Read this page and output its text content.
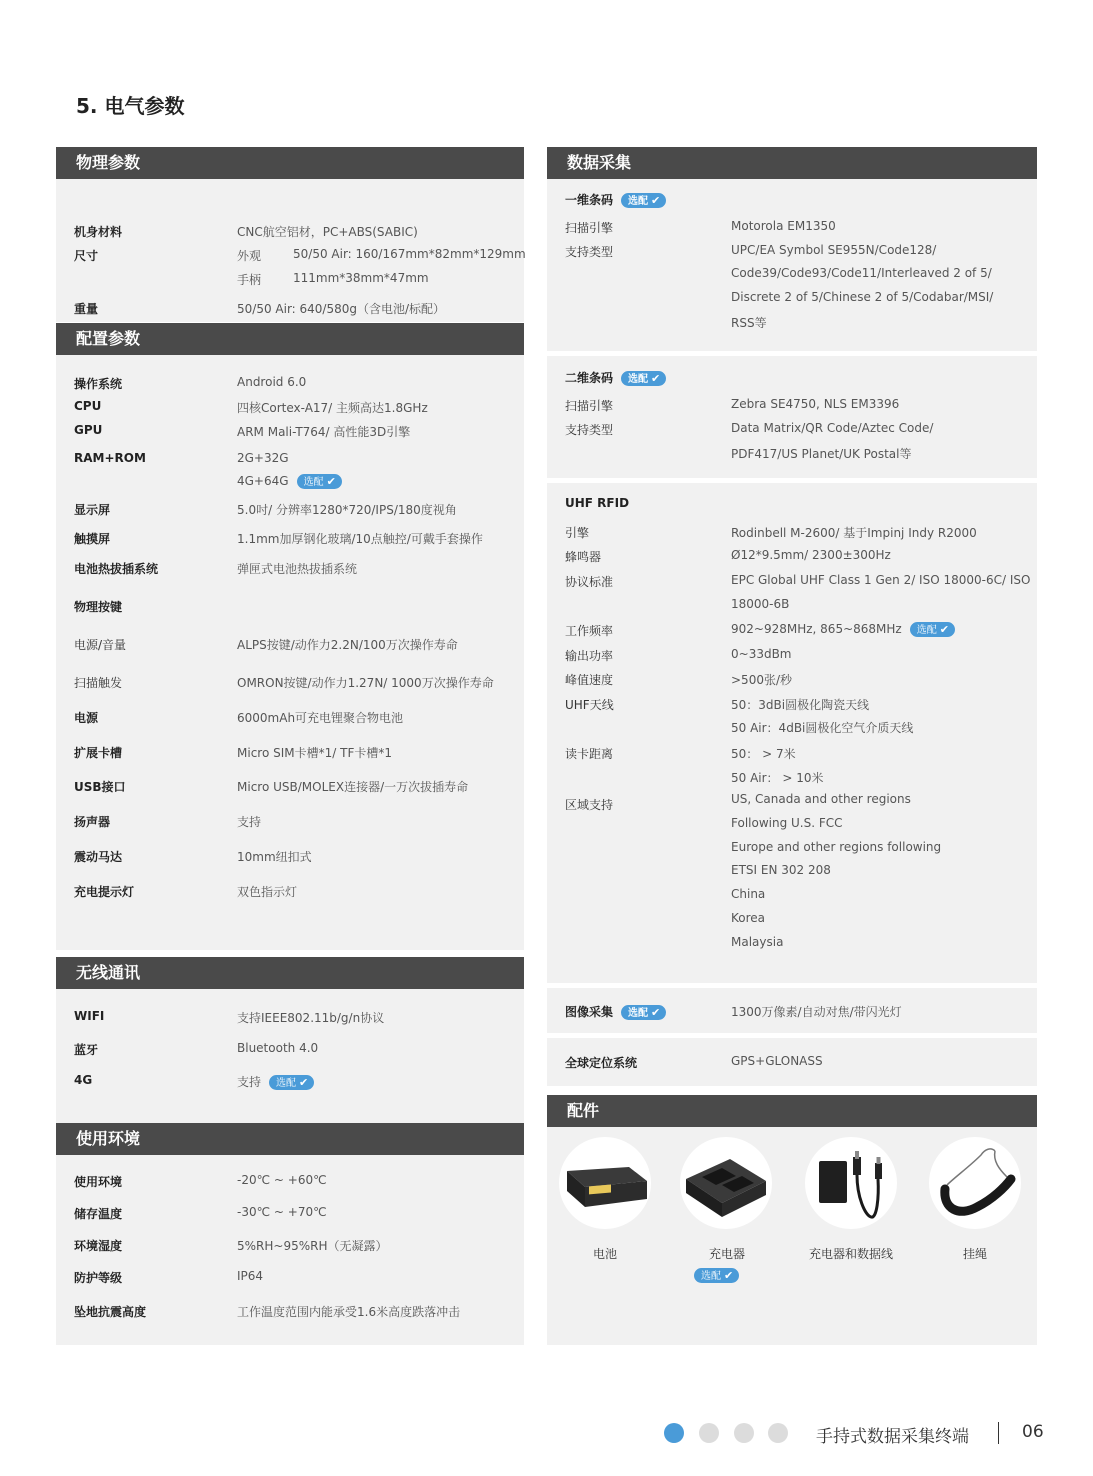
5. 电气参数
物理参数
机身材料	CNC航空铝材，PC+ABS(SABIC)
尺寸	外观	50/50 Air: 160/167mm*82mm*129mm
手柄	111mm*38mm*47mm
重量	50/50 Air: 640/580g（含电池/标配）
配置参数
操作系统	Android 6.0
CPU	四核Cortex-A17/ 主频高达1.8GHz
GPU	ARM Mali-T764/ 高性能3D引擎
RAM+ROM	2G+32G
4G+64G 选配 ✔
显示屏	5.0吋/ 分辨率1280*720/IPS/180度视角
触摸屏	1.1mm加厚钢化玻璃/10点触控/可戴手套操作
电池热拔插系统	弹匣式电池热拔插系统
物理按键
电源/音量	ALPS按键/动作力2.2N/100万次操作寿命
扫描触发	OMRON按键/动作力1.27N/ 1000万次操作寿命
电源	6000mAh可充电锂聚合物电池
扩展卡槽	Micro SIM卡槽*1/ TF卡槽*1
USB接口	Micro USB/MOLEX连接器/一万次拔插寿命
扬声器	支持
震动马达	10mm纽扣式
充电提示灯	双色指示灯
无线通讯
WIFI	支持IEEE802.11b/g/n协议
蓝牙	Bluetooth 4.0
4G	支持 选配 ✔
使用环境
使用环境	-20℃ ~ +60℃
储存温度	-30℃ ~ +70℃
环境湿度	5%RH~95%RH（无凝露）
防护等级	IP64
坠地抗震高度	工作温度范围内能承受1.6米高度跌落冲击
数据采集
一维条码 选配 ✔
扫描引擎	Motorola EM1350
支持类型	UPC/EA Symbol SE955N/Code128/
Code39/Code93/Code11/Interleaved 2 of 5/
Discrete 2 of 5/Chinese 2 of 5/Codabar/MSI/
RSS等
二维条码 选配 ✔
扫描引擎	Zebra SE4750, NLS EM3396
支持类型	Data Matrix/QR Code/Aztec Code/
PDF417/US Planet/UK Postal等
UHF RFID
引擎	Rodinbell M-2600/ 基于Impinj Indy R2000
蜂鸣器	Ø12*9.5mm/ 2300±300Hz
协议标准	EPC Global UHF Class 1 Gen 2/ ISO 18000-6C/ ISO
18000-6B
工作频率	902~928MHz, 865~868MHz 选配 ✔
输出功率	0~33dBm
峰值速度	>500张/秒
UHF天线	50：3dBi圆极化陶瓷天线
50 Air：4dBi圆极化空气介质天线
读卡距离	50： > 7米
50 Air： > 10米
区域支持	US, Canada and other regions
Following U.S. FCC
Europe and other regions following
ETSI EN 302 208
China
Korea
Malaysia
图像采集 选配 ✔	1300万像素/自动对焦/带闪光灯
全球定位系统	GPS+GLONASS
配件
电池	充电器	充电器和数据线	挂绳
选配 ✔
手持式数据采集终端	06
